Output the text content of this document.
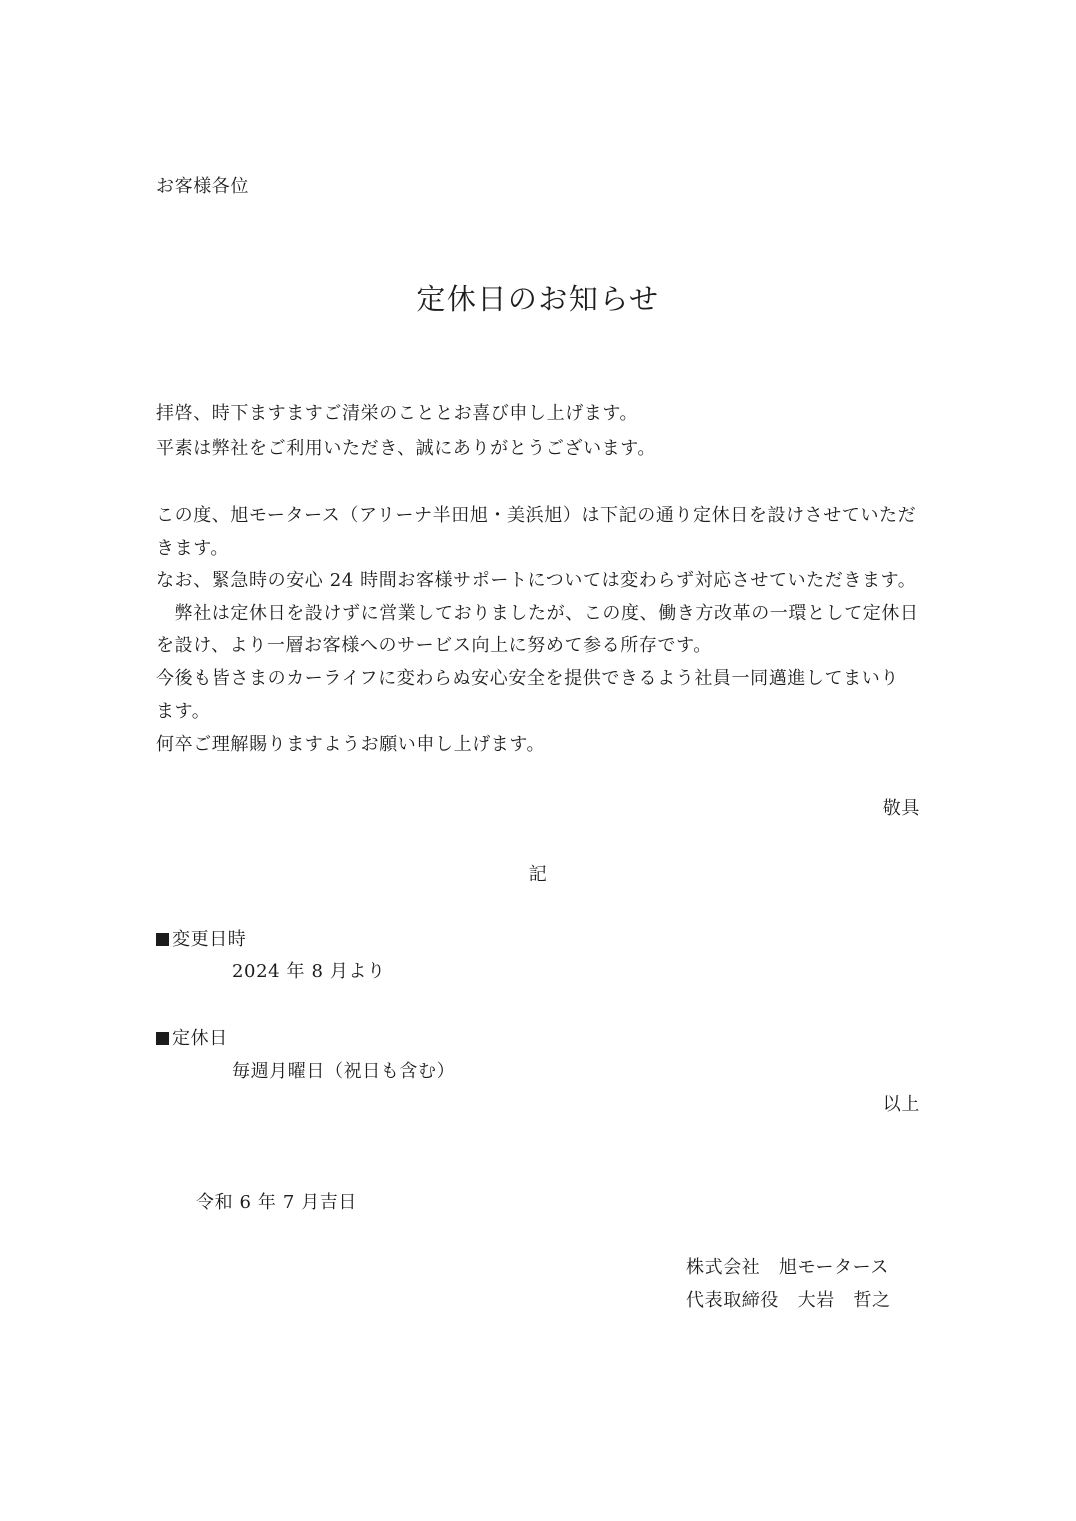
お客様各位
定休日のお知らせ
拝啓、時下ますますご清栄のこととお喜び申し上げます。
平素は弊社をご利用いただき、誠にありがとうございます。
この度、旭モータース（アリーナ半田旭・美浜旭）は下記の通り定休日を設けさせていただ
きます。
なお、緊急時の安心 24 時間お客様サポートについては変わらず対応させていただきます。
　弊社は定休日を設けずに営業しておりましたが、この度、働き方改革の一環として定休日
を設け、より一層お客様へのサービス向上に努めて参る所存です。
今後も皆さまのカーライフに変わらぬ安心安全を提供できるよう社員一同邁進してまいり
ます。
何卒ご理解賜りますようお願い申し上げます。
敬具
記
変更日時
2024 年 8 月より
定休日
毎週月曜日（祝日も含む）
以上
令和 6 年 7 月吉日
株式会社　旭モータース
代表取締役　大岩　哲之
